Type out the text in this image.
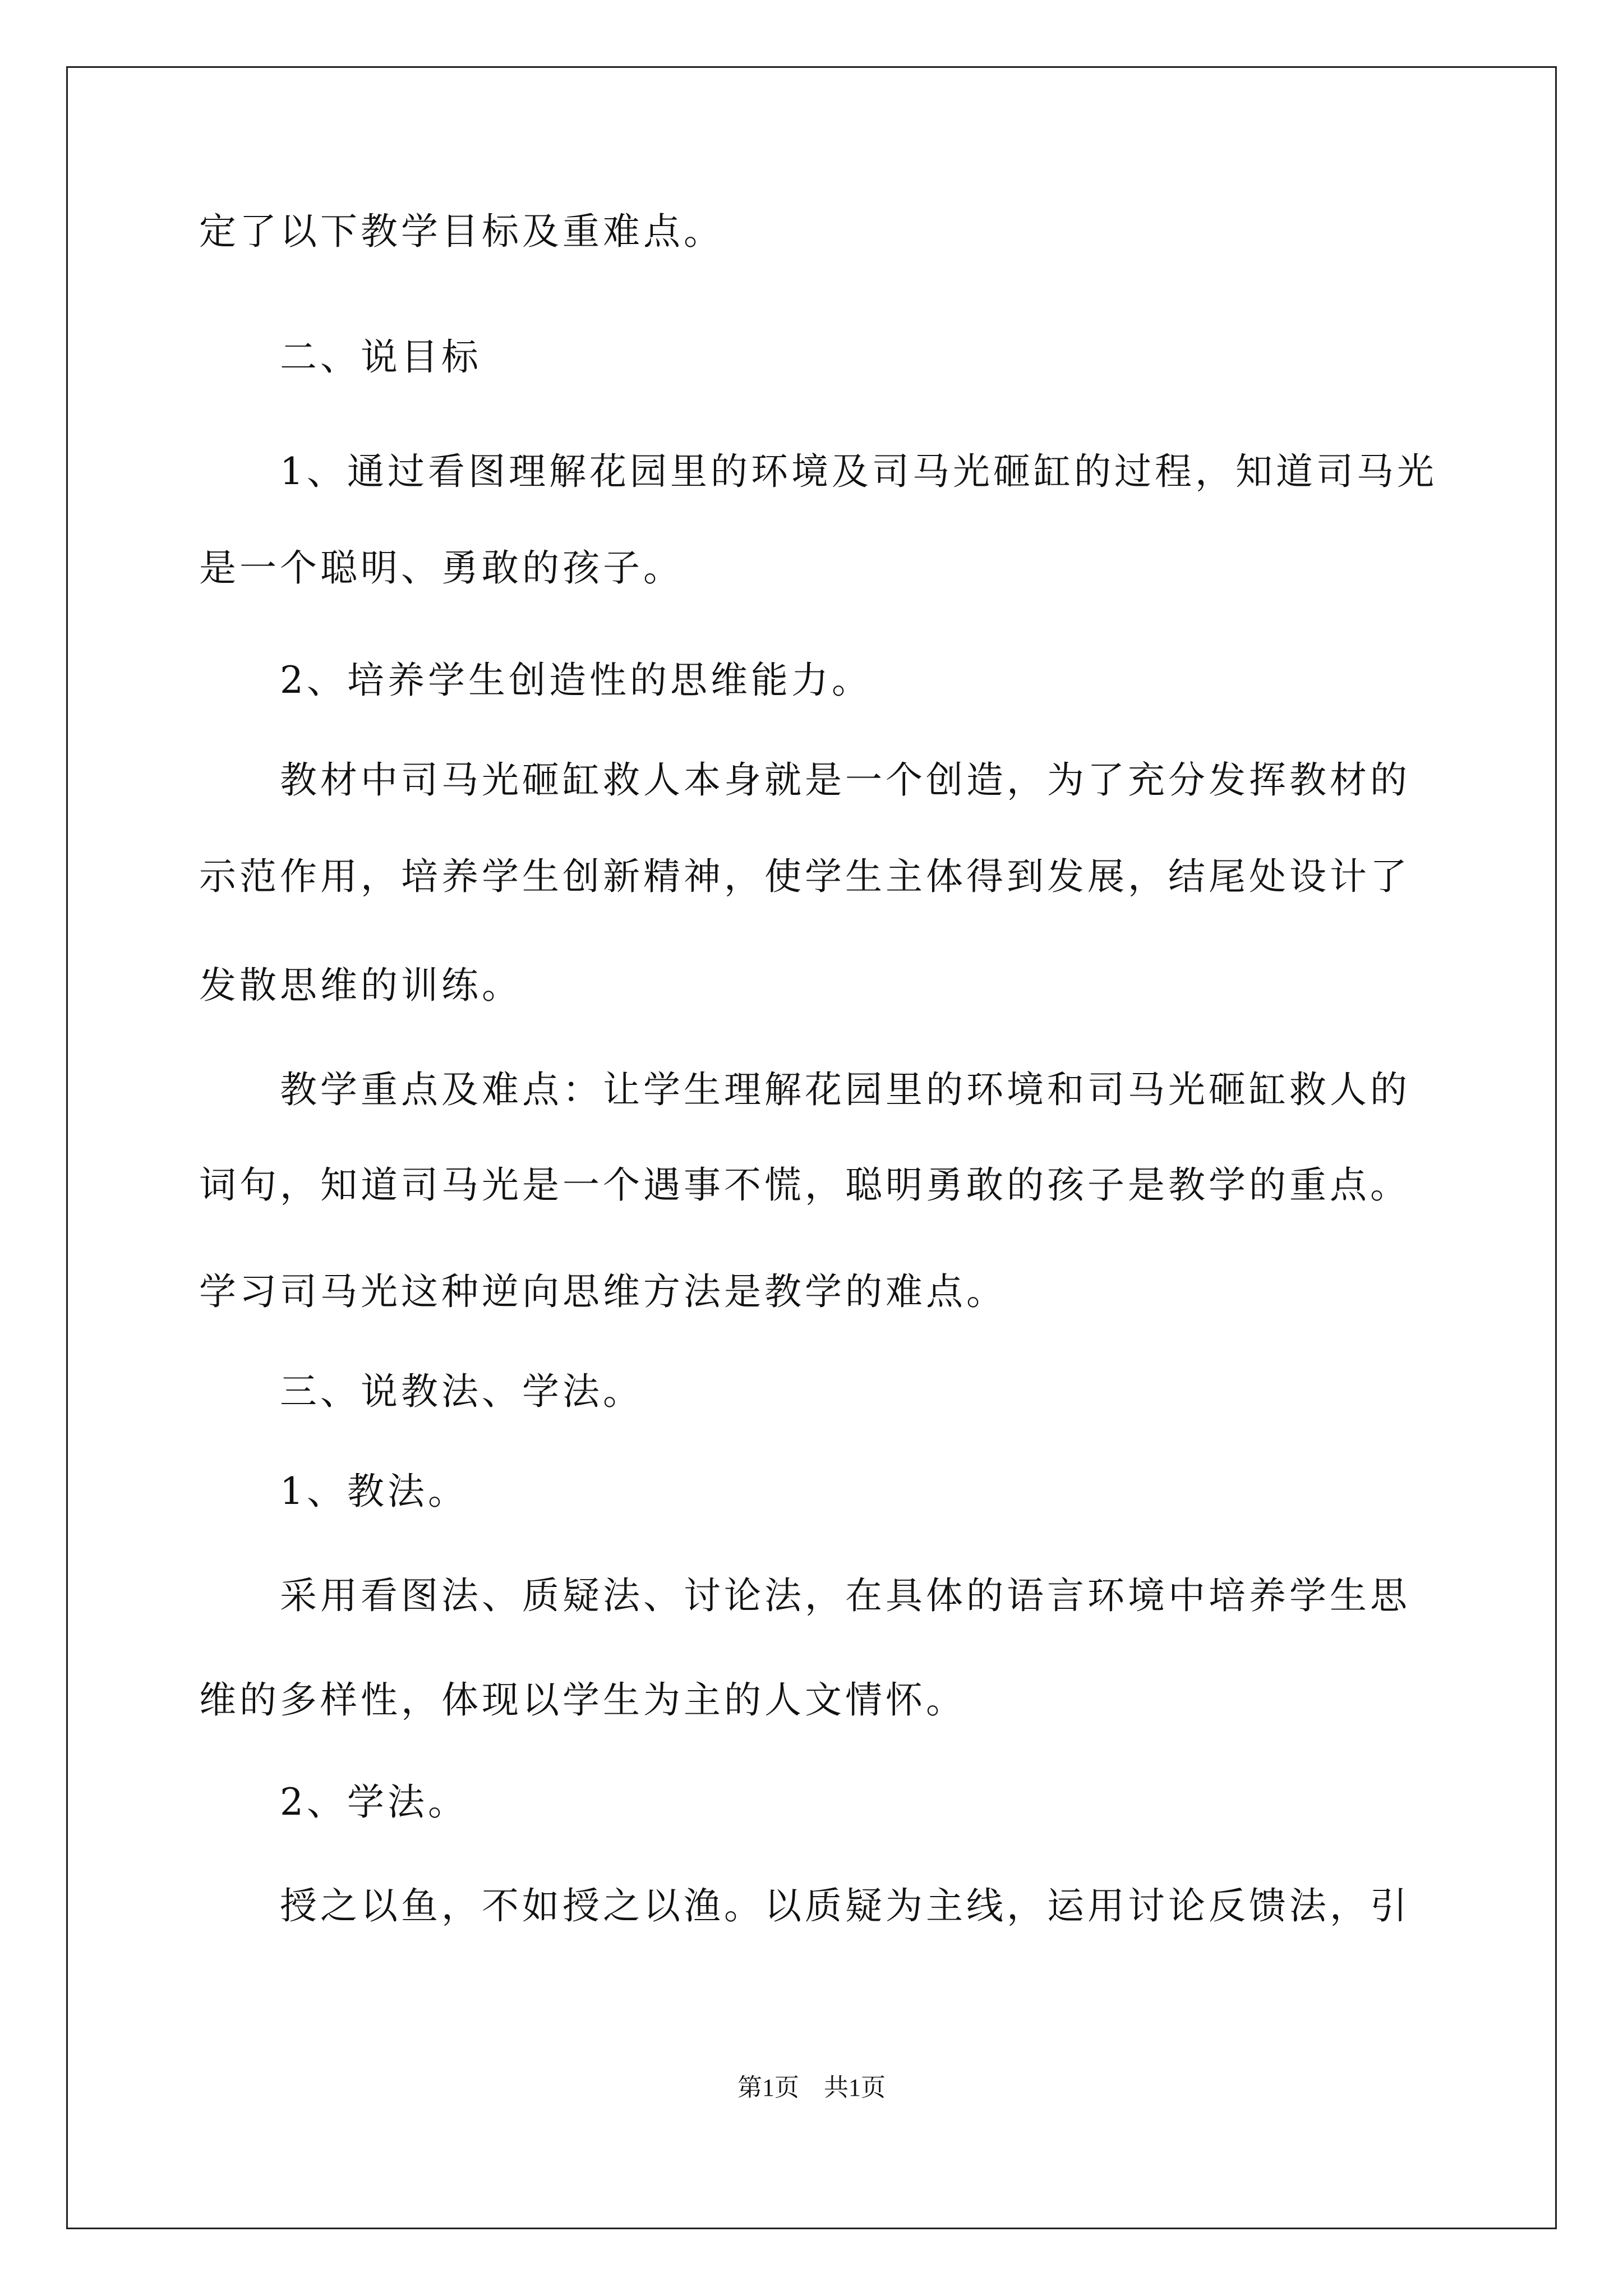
定了以下教学目标及重难点。
二、说目标
1、通过看图理解花园里的环境及司马光砸缸的过程，知道司马光
是一个聪明、勇敢的孩子。
2、培养学生创造性的思维能力。
教材中司马光砸缸救人本身就是一个创造，为了充分发挥教材的
示范作用，培养学生创新精神，使学生主体得到发展，结尾处设计了
发散思维的训练。
教学重点及难点：让学生理解花园里的环境和司马光砸缸救人的
词句，知道司马光是一个遇事不慌，聪明勇敢的孩子是教学的重点。
学习司马光这种逆向思维方法是教学的难点。
三、说教法、学法。
1、教法。
采用看图法、质疑法、讨论法，在具体的语言环境中培养学生思
维的多样性，体现以学生为主的人文情怀。
2、学法。
授之以鱼，不如授之以渔。以质疑为主线，运用讨论反馈法，引
第1页　共1页
